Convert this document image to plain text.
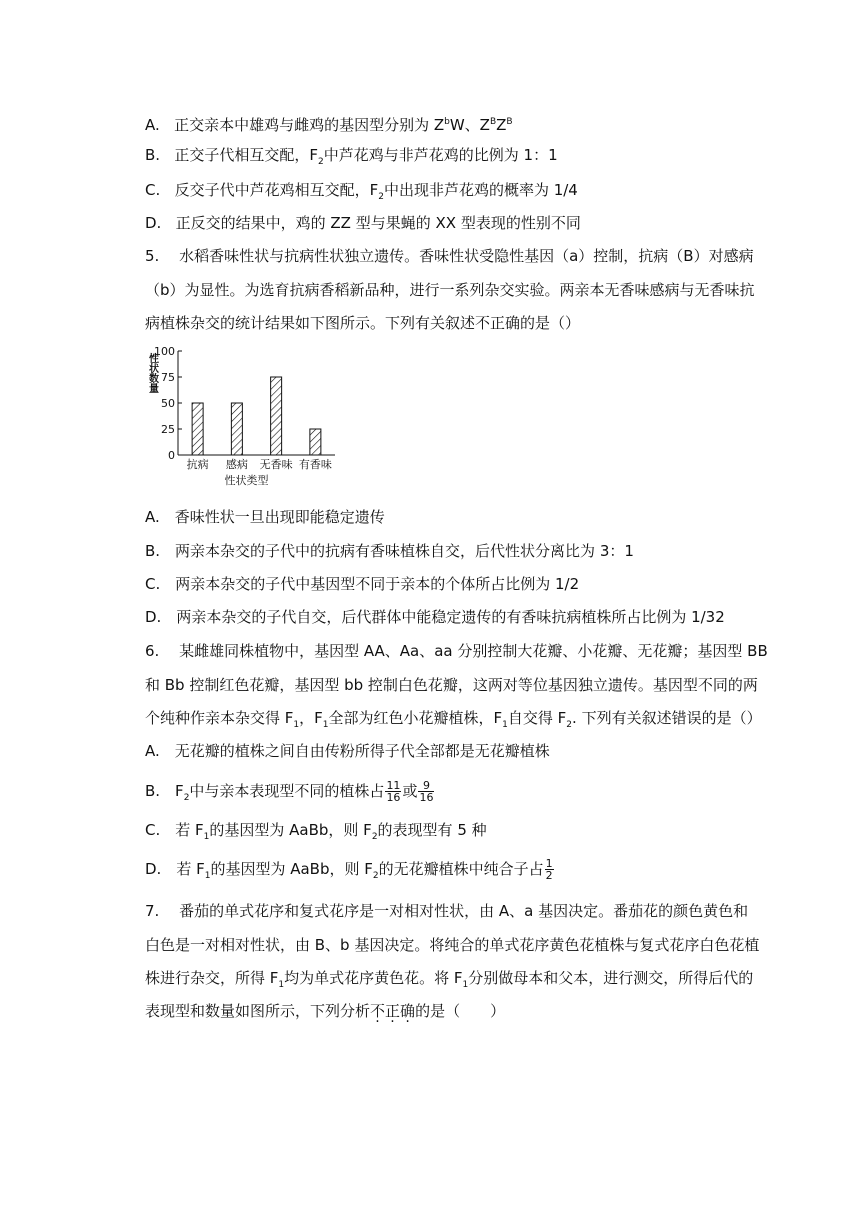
A. 正交亲本中雄鸡与雌鸡的基因型分别为 $Z^bW$、$Z^BZ^B$
B. 正交子代相互交配，$F_2$中芦花鸡与非芦花鸡的比例为 1：1
C. 反交子代中芦花鸡相互交配，$F_2$中出现非芦花鸡的概率为 1/4
D. 正反交的结果中，鸡的 ZZ 型与果蝇的 XX 型表现的性别不同
5.　 水稻香味性状与抗病性状独立遗传。香味性状受隐性基因（a）控制，抗病（B）对感病
（b）为显性。为选育抗病香稻新品种，进行一系列杂交实验。两亲本无香味感病与无香味抗
病植株杂交的统计结果如下图所示。下列有关叙述不正确的是（）
0
25
50
75
100
性状数量
抗病 感病 无香味 有香味
性状类型
A.　香味性状一旦出现即能稳定遗传
B.　两亲本杂交的子代中的抗病有香味植株自交，后代性状分离比为 3：1
C.　两亲本杂交的子代中基因型不同于亲本的个体所占比例为 1/2
D.　两亲本杂交的子代自交，后代群体中能稳定遗传的有香味抗病植株所占比例为 1/32
6.　 某雌雄同株植物中，基因型 AA、Aa、aa 分别控制大花瓣、小花瓣、无花瓣；基因型 BB
和 Bb 控制红色花瓣，基因型 bb 控制白色花瓣，这两对等位基因独立遗传。基因型不同的两
个纯种作亲本杂交得 $F_1$，$F_1$全部为红色小花瓣植株，$F_1$自交得 $F_2$. 下列有关叙述错误的是（）
A.　无花瓣的植株之间自由传粉所得子代全部都是无花瓣植株
B.　$F_2$中与亲本表现型不同的植株占 $\frac{11}{16}$ 或 $\frac{9}{16}$
C.　若 $F_1$的基因型为 AaBb，则 $F_2$的表现型有 5 种
D.　若 $F_1$的基因型为 AaBb，则 $F_2$的无花瓣植株中纯合子占 $\frac{1}{2}$
7.　 番茄的单式花序和复式花序是一对相对性状，由 A、a 基因决定。番茄花的颜色黄色和
白色是一对相对性状，由 B、b 基因决定。将纯合的单式花序黄色花植株与复式花序白色花植
株进行杂交，所得 $F_1$均为单式花序黄色花。将 $F_1$分别做母本和父本，进行测交，所得后代的
表现型和数量如图所示，下列分析不正确的是（　　）
